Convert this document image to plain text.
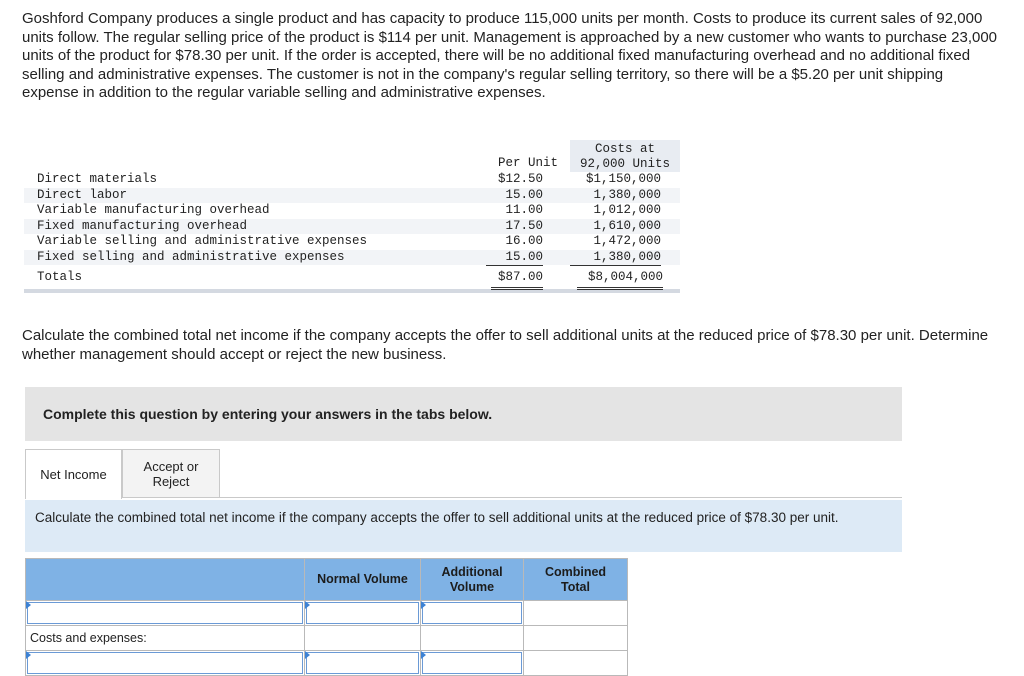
Goshford Company produces a single product and has capacity to produce 115,000 units per month. Costs to produce its current sales of 92,000 units follow. The regular selling price of the product is $114 per unit. Management is approached by a new customer who wants to purchase 23,000 units of the product for $78.30 per unit. If the order is accepted, there will be no additional fixed manufacturing overhead and no additional fixed selling and administrative expenses. The customer is not in the company's regular selling territory, so there will be a $5.20 per unit shipping expense in addition to the regular variable selling and administrative expenses.
Per Unit
Costs at
92,000 Units
Direct materials	$12.50	$1,150,000
Direct labor	15.00	1,380,000
Variable manufacturing overhead	11.00	1,012,000
Fixed manufacturing overhead	17.50	1,610,000
Variable selling and administrative expenses	16.00	1,472,000
Fixed selling and administrative expenses	15.00	1,380,000
Totals	$87.00	$8,004,000
Calculate the combined total net income if the company accepts the offer to sell additional units at the reduced price of $78.30 per unit. Determine whether management should accept or reject the new business.
Complete this question by entering your answers in the tabs below.
Net Income
Accept or
Reject
Calculate the combined total net income if the company accepts the offer to sell additional units at the reduced price of $78.30 per unit.
	Normal Volume	Additional
Volume	Combined
Total

Costs and expenses:			
